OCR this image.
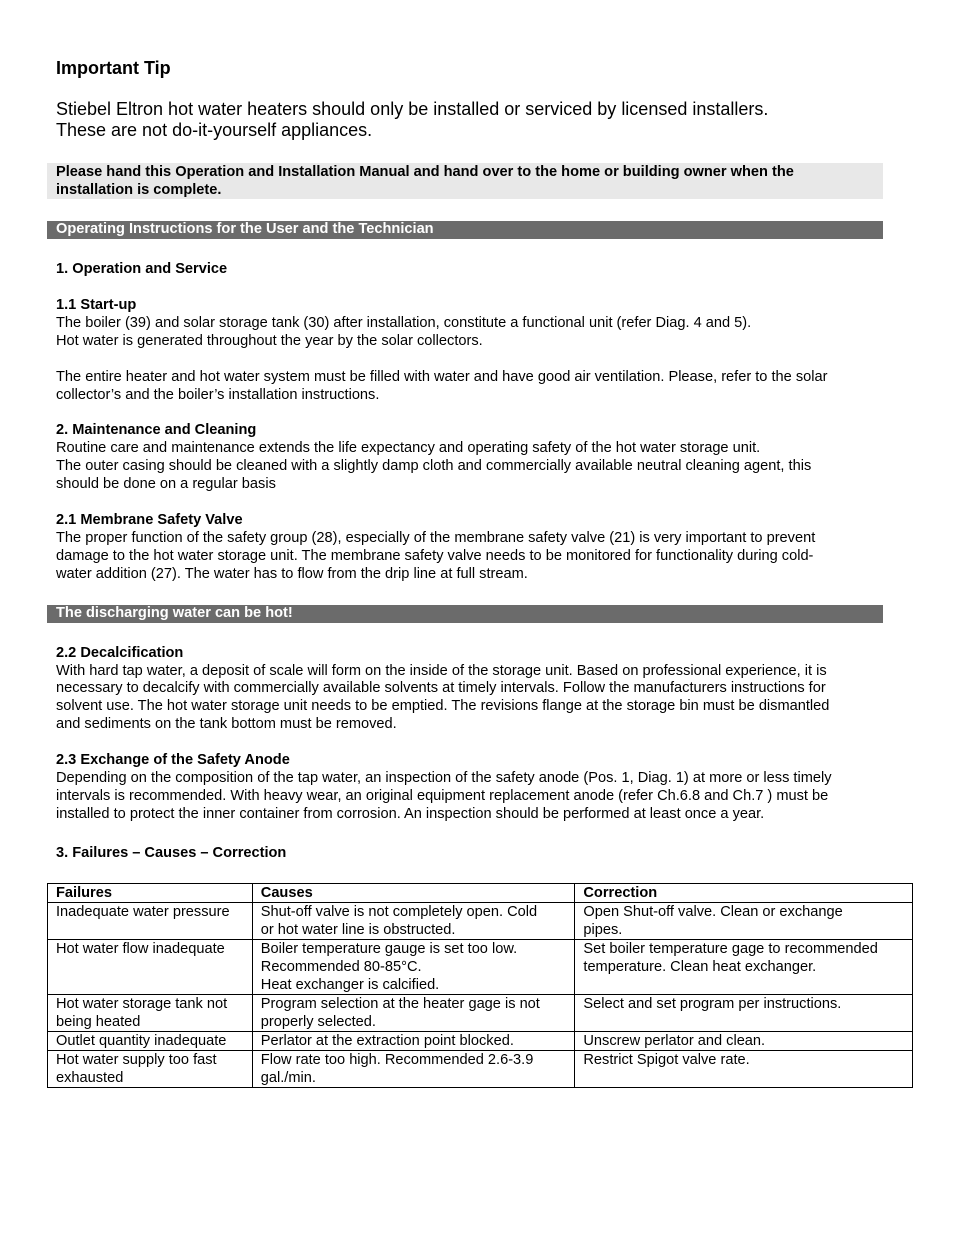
Important Tip
Stiebel Eltron hot water heaters should only be installed or serviced by licensed installers.
These are not do-it-yourself appliances.
Please hand this Operation and Installation Manual and hand over to the home or building owner when the
installation is complete.
Operating Instructions for the User and the Technician
1. Operation and Service
1.1 Start-up
The boiler (39) and solar storage tank (30) after installation, constitute a functional unit (refer Diag. 4 and 5).
Hot water is generated throughout the year by the solar collectors.
The entire heater and hot water system must be filled with water and have good air ventilation. Please, refer to the solar
collector’s and the boiler’s installation instructions.
2. Maintenance and Cleaning
Routine care and maintenance extends the life expectancy and operating safety of the hot water storage unit.
The outer casing should be cleaned with a slightly damp cloth and commercially available neutral cleaning agent, this
should be done on a regular basis
2.1 Membrane Safety Valve
The proper function of the safety group (28), especially of the membrane safety valve (21) is very important to prevent
damage to the hot water storage unit. The membrane safety valve needs to be monitored for functionality during cold-
water addition (27). The water has to flow from the drip line at full stream.
The discharging water can be hot!
2.2 Decalcification
With hard tap water, a deposit of scale will form on the inside of the storage unit. Based on professional experience, it is
necessary to decalcify with commercially available solvents at timely intervals. Follow the manufacturers instructions for
solvent use. The hot water storage unit needs to be emptied. The revisions flange at the storage bin must be dismantled
and sediments on the tank bottom must be removed.
2.3 Exchange of the Safety Anode
Depending on the composition of the tap water, an inspection of the safety anode (Pos. 1, Diag. 1) at more or less timely
intervals is recommended. With heavy wear, an original equipment replacement anode (refer Ch.6.8 and Ch.7 ) must be
installed to protect the inner container from corrosion. An inspection should be performed at least once a year.
3. Failures – Causes – Correction
Failures	Causes	Correction

Inadequate water pressure	Shut-off valve is not completely open. Cold
or hot water line is obstructed.	Open Shut-off valve. Clean or exchange
pipes.

Hot water flow inadequate	Boiler temperature gauge is set too low.
Recommended 80-85°C.
Heat exchanger is calcified.	Set boiler temperature gage to recommended
temperature. Clean heat exchanger.

Hot water storage tank not
being heated	Program selection at the heater gage is not
properly selected.	Select and set program per instructions.

Outlet quantity inadequate	Perlator at the extraction point blocked.	Unscrew perlator and clean.

Hot water supply too fast
exhausted	Flow rate too high. Recommended 2.6-3.9
gal./min.	Restrict Spigot valve rate.
